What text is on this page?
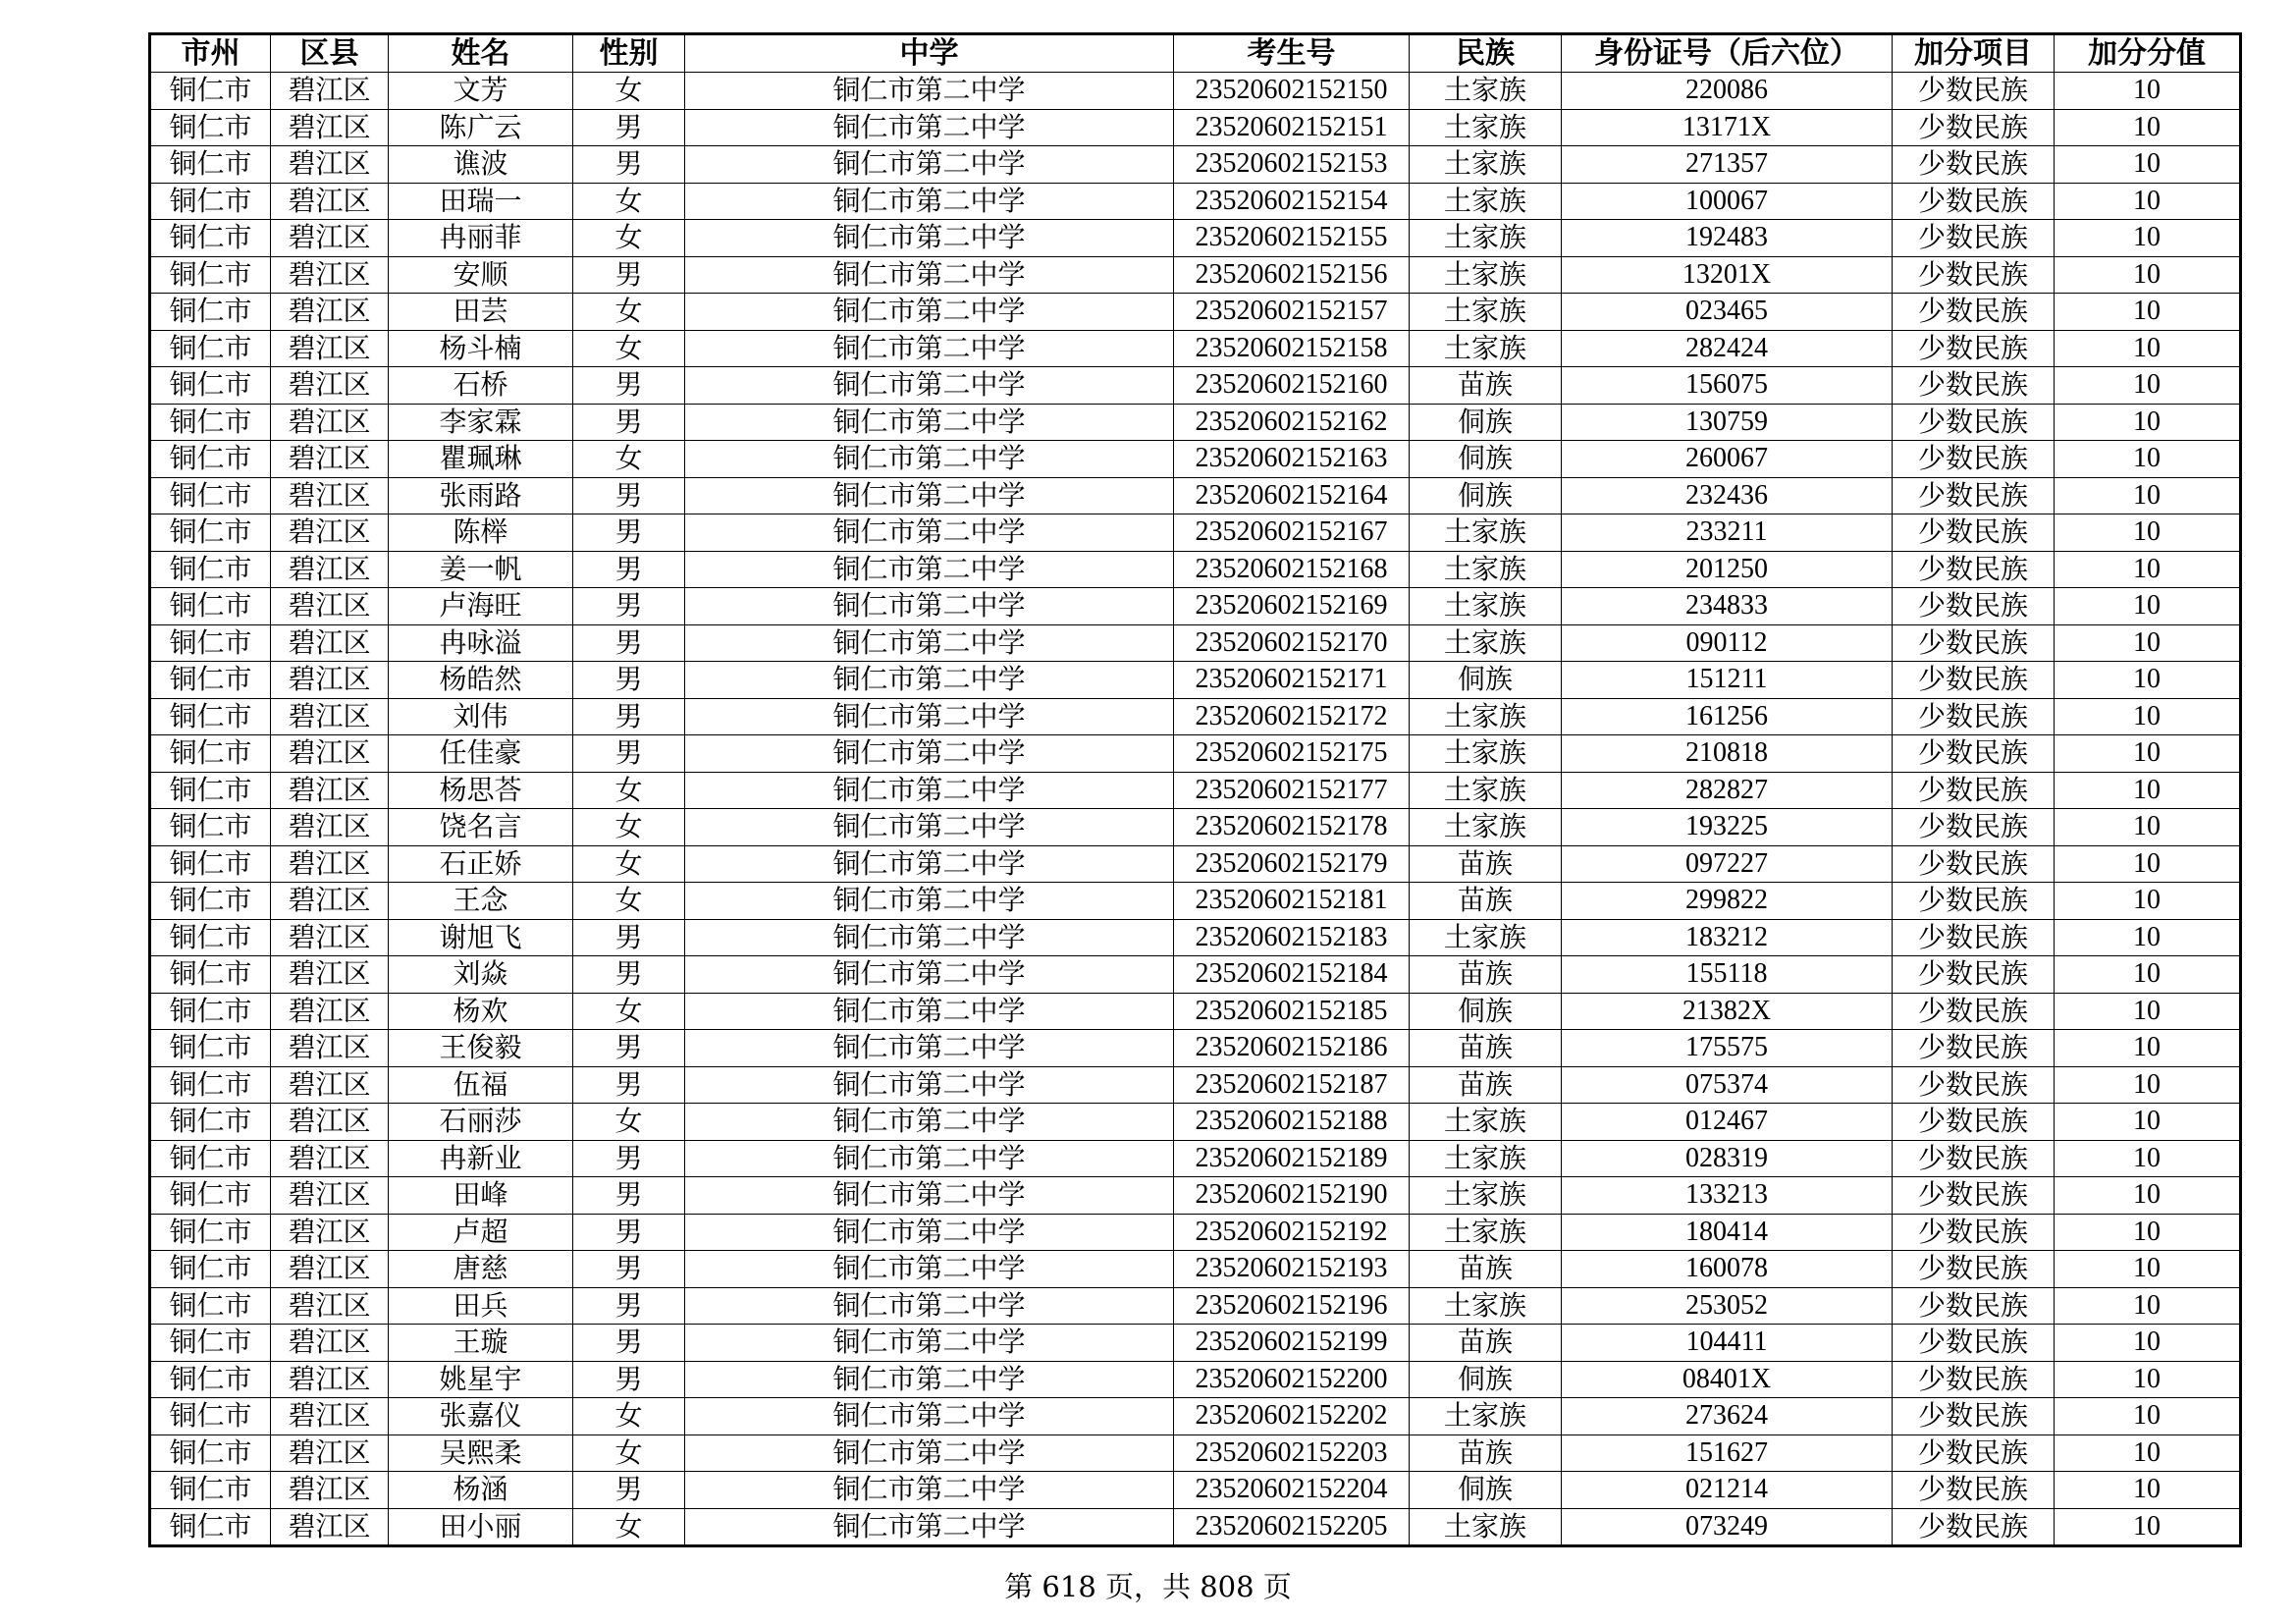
市州	区县	姓名	性别	中学	考生号	民族	身份证号（后六位）	加分项目	加分分值
铜仁市	碧江区	文芳	女	铜仁市第二中学	23520602152150	土家族	220086	少数民族	10
铜仁市	碧江区	陈广云	男	铜仁市第二中学	23520602152151	土家族	13171X	少数民族	10
铜仁市	碧江区	谯波	男	铜仁市第二中学	23520602152153	土家族	271357	少数民族	10
铜仁市	碧江区	田瑞一	女	铜仁市第二中学	23520602152154	土家族	100067	少数民族	10
铜仁市	碧江区	冉丽菲	女	铜仁市第二中学	23520602152155	土家族	192483	少数民族	10
铜仁市	碧江区	安顺	男	铜仁市第二中学	23520602152156	土家族	13201X	少数民族	10
铜仁市	碧江区	田芸	女	铜仁市第二中学	23520602152157	土家族	023465	少数民族	10
铜仁市	碧江区	杨斗楠	女	铜仁市第二中学	23520602152158	土家族	282424	少数民族	10
铜仁市	碧江区	石桥	男	铜仁市第二中学	23520602152160	苗族	156075	少数民族	10
铜仁市	碧江区	李家霖	男	铜仁市第二中学	23520602152162	侗族	130759	少数民族	10
铜仁市	碧江区	瞿珮琳	女	铜仁市第二中学	23520602152163	侗族	260067	少数民族	10
铜仁市	碧江区	张雨路	男	铜仁市第二中学	23520602152164	侗族	232436	少数民族	10
铜仁市	碧江区	陈榉	男	铜仁市第二中学	23520602152167	土家族	233211	少数民族	10
铜仁市	碧江区	姜一帆	男	铜仁市第二中学	23520602152168	土家族	201250	少数民族	10
铜仁市	碧江区	卢海旺	男	铜仁市第二中学	23520602152169	土家族	234833	少数民族	10
铜仁市	碧江区	冉咏溢	男	铜仁市第二中学	23520602152170	土家族	090112	少数民族	10
铜仁市	碧江区	杨皓然	男	铜仁市第二中学	23520602152171	侗族	151211	少数民族	10
铜仁市	碧江区	刘伟	男	铜仁市第二中学	23520602152172	土家族	161256	少数民族	10
铜仁市	碧江区	任佳豪	男	铜仁市第二中学	23520602152175	土家族	210818	少数民族	10
铜仁市	碧江区	杨思荅	女	铜仁市第二中学	23520602152177	土家族	282827	少数民族	10
铜仁市	碧江区	饶名言	女	铜仁市第二中学	23520602152178	土家族	193225	少数民族	10
铜仁市	碧江区	石正娇	女	铜仁市第二中学	23520602152179	苗族	097227	少数民族	10
铜仁市	碧江区	王念	女	铜仁市第二中学	23520602152181	苗族	299822	少数民族	10
铜仁市	碧江区	谢旭飞	男	铜仁市第二中学	23520602152183	土家族	183212	少数民族	10
铜仁市	碧江区	刘焱	男	铜仁市第二中学	23520602152184	苗族	155118	少数民族	10
铜仁市	碧江区	杨欢	女	铜仁市第二中学	23520602152185	侗族	21382X	少数民族	10
铜仁市	碧江区	王俊毅	男	铜仁市第二中学	23520602152186	苗族	175575	少数民族	10
铜仁市	碧江区	伍福	男	铜仁市第二中学	23520602152187	苗族	075374	少数民族	10
铜仁市	碧江区	石丽莎	女	铜仁市第二中学	23520602152188	土家族	012467	少数民族	10
铜仁市	碧江区	冉新业	男	铜仁市第二中学	23520602152189	土家族	028319	少数民族	10
铜仁市	碧江区	田峰	男	铜仁市第二中学	23520602152190	土家族	133213	少数民族	10
铜仁市	碧江区	卢超	男	铜仁市第二中学	23520602152192	土家族	180414	少数民族	10
铜仁市	碧江区	唐慈	男	铜仁市第二中学	23520602152193	苗族	160078	少数民族	10
铜仁市	碧江区	田兵	男	铜仁市第二中学	23520602152196	土家族	253052	少数民族	10
铜仁市	碧江区	王璇	男	铜仁市第二中学	23520602152199	苗族	104411	少数民族	10
铜仁市	碧江区	姚星宇	男	铜仁市第二中学	23520602152200	侗族	08401X	少数民族	10
铜仁市	碧江区	张嘉仪	女	铜仁市第二中学	23520602152202	土家族	273624	少数民族	10
铜仁市	碧江区	吴熙柔	女	铜仁市第二中学	23520602152203	苗族	151627	少数民族	10
铜仁市	碧江区	杨涵	男	铜仁市第二中学	23520602152204	侗族	021214	少数民族	10
铜仁市	碧江区	田小丽	女	铜仁市第二中学	23520602152205	土家族	073249	少数民族	10
第 618 页，共 808 页
